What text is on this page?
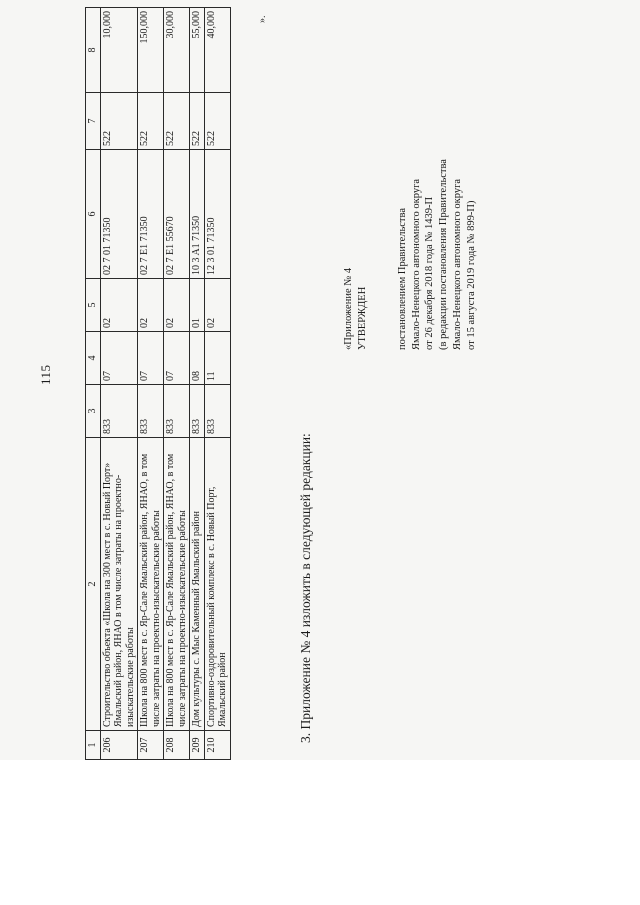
115
1	2	3	4	5	6	7	8
206	Строительство объекта «Школа на 300 мест в с. Новый Порт» Ямальский район, ЯНАО в том числе затраты на проектно-изыскательские работы	833	07	02	02 7 01 71350	522	10,000
207	Школа на 800 мест в с. Яр-Сале Ямальский район, ЯНАО, в том числе затраты на проектно-изыскательские работы	833	07	02	02 7 E1 71350	522	150,000
208	Школа на 800 мест в с. Яр-Сале Ямальский район, ЯНАО, в том числе затраты на проектно-изыскательские работы	833	07	02	02 7 E1 55670	522	30,000
209	Дом культуры с. Мыс Каменный Ямальский район	833	08	01	10 3 A1 71350	522	55,000
210	Спортивно-оздоровительный комплекс в с. Новый Порт, Ямальский район	833	11	02	12 3 01 71350	522	40,000	».
3. Приложение № 4 изложить в следующей редакции:
«Приложение № 4 УТВЕРЖДЕН	постановлением Правительства Ямало-Ненецкого автономного округа от 26 декабря 2018 года № 1439-П (в редакции постановления Правительства Ямало-Ненецкого автономного округа от 15 августа 2019 года № 899-П)
